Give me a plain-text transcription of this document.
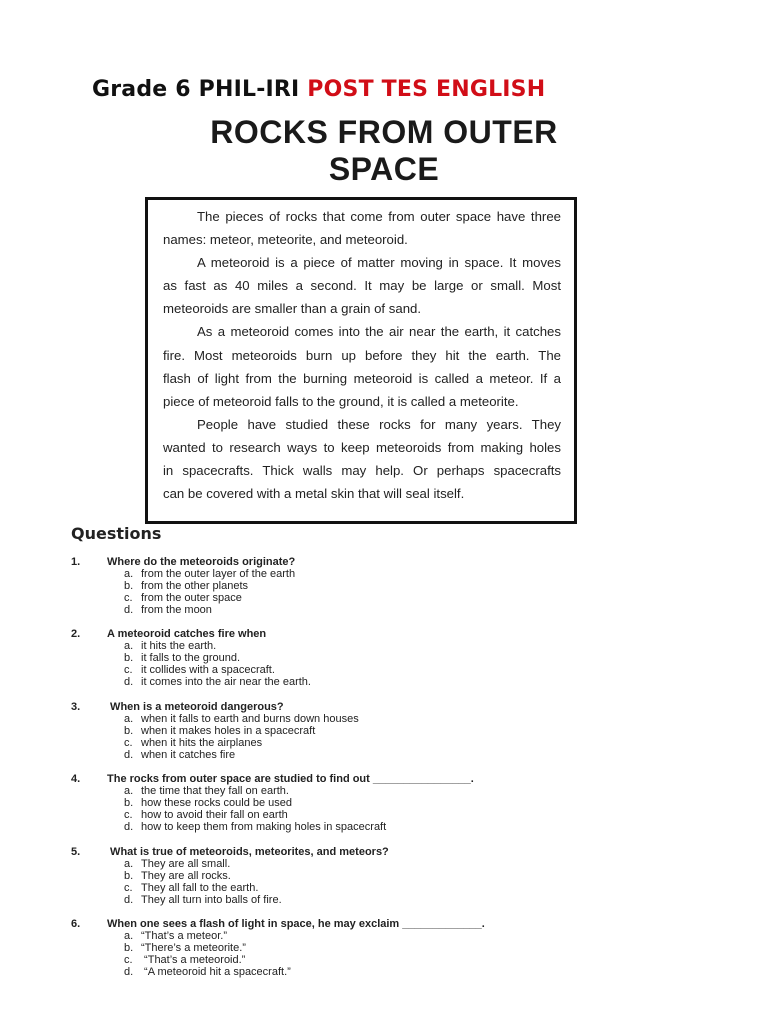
Grade 6 PHIL-IRI POST TES ENGLISH
ROCKS FROM OUTER
SPACE

The pieces of rocks that come from outer space have three
names: meteor, meteorite, and meteoroid.

A meteoroid is a piece of matter moving in space. It moves
as fast as 40 miles a second. It may be large or small. Most
meteoroids are smaller than a grain of sand.

As a meteoroid comes into the air near the earth, it catches
fire. Most meteoroids burn up before they hit the earth. The
flash of light from the burning meteoroid is called a meteor. If a
piece of meteoroid falls to the ground, it is called a meteorite.

People have studied these rocks for many years. They
wanted to research ways to keep meteoroids from making holes
in spacecrafts. Thick walls may help. Or perhaps spacecrafts
can be covered with a metal skin that will seal itself.

Questions
1. Where do the meteoroids originate?
a. from the outer layer of the earth
b. from the other planets
c. from the outer space
d. from the moon
2. A meteoroid catches fire when
a. it hits the earth.
b. it falls to the ground.
c. it collides with a spacecraft.
d. it comes into the air near the earth.
3. When is a meteoroid dangerous?
a. when it falls to earth and burns down houses
b. when it makes holes in a spacecraft
c. when it hits the airplanes
d. when it catches fire
4. The rocks from outer space are studied to find out ________________.
a. the time that they fall on earth.
b. how these rocks could be used
c. how to avoid their fall on earth
d. how to keep them from making holes in spacecraft
5. What is true of meteoroids, meteorites, and meteors?
a. They are all small.
b. They are all rocks.
c. They all fall to the earth.
d. They all turn into balls of fire.
6. When one sees a flash of light in space, he may exclaim _____________.
a. “That’s a meteor.”
b. “There’s a meteorite.”
c. “That’s a meteoroid.”
d. “A meteoroid hit a spacecraft.”
